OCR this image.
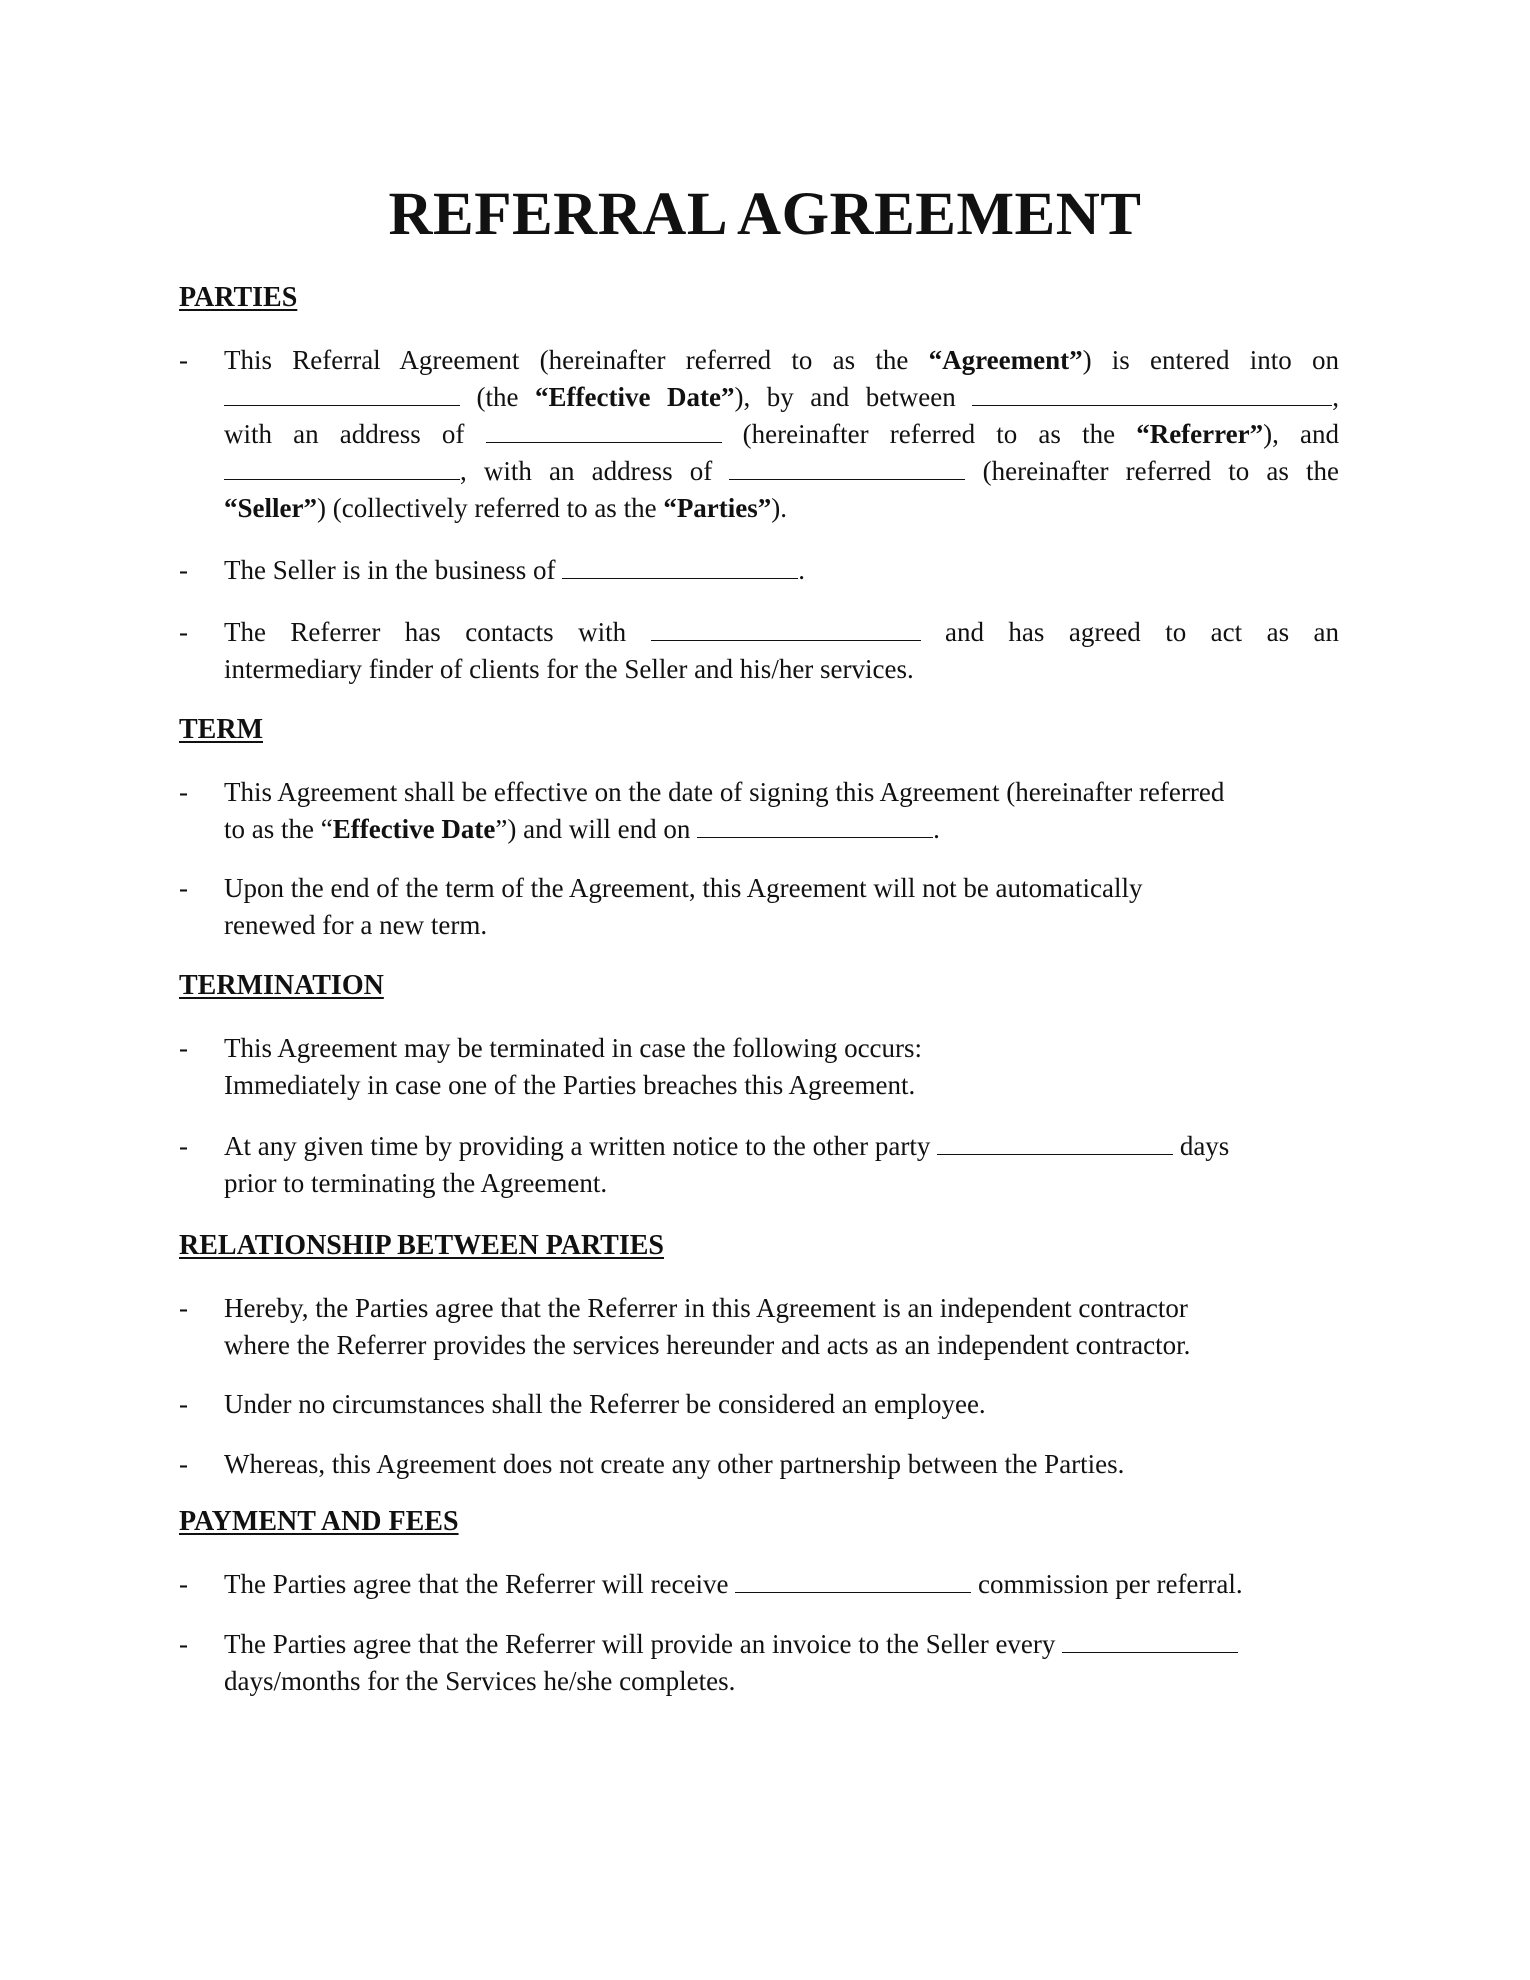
REFERRAL AGREEMENT
PARTIES
- This Referral Agreement (hereinafter referred to as the “Agreement”) is entered into on
(the “Effective Date”), by and between	,
with an address of	(hereinafter referred to as the “Referrer”), and
, with an address of	(hereinafter referred to as the
“Seller”) (collectively referred to as the “Parties”).
- The Seller is in the business of	.
- The Referrer has contacts with	and has agreed to act as an
intermediary finder of clients for the Seller and his/her services.
TERM
- This Agreement shall be effective on the date of signing this Agreement (hereinafter referred
to as the “Effective Date”) and will end on	.
- Upon the end of the term of the Agreement, this Agreement will not be automatically
renewed for a new term.
TERMINATION
- This Agreement may be terminated in case the following occurs:
Immediately in case one of the Parties breaches this Agreement.
- At any given time by providing a written notice to the other party	days
prior to terminating the Agreement.
RELATIONSHIP BETWEEN PARTIES
- Hereby, the Parties agree that the Referrer in this Agreement is an independent contractor
where the Referrer provides the services hereunder and acts as an independent contractor.
- Under no circumstances shall the Referrer be considered an employee.
- Whereas, this Agreement does not create any other partnership between the Parties.
PAYMENT AND FEES
- The Parties agree that the Referrer will receive	commission per referral.
- The Parties agree that the Referrer will provide an invoice to the Seller every
days/months for the Services he/she completes.
